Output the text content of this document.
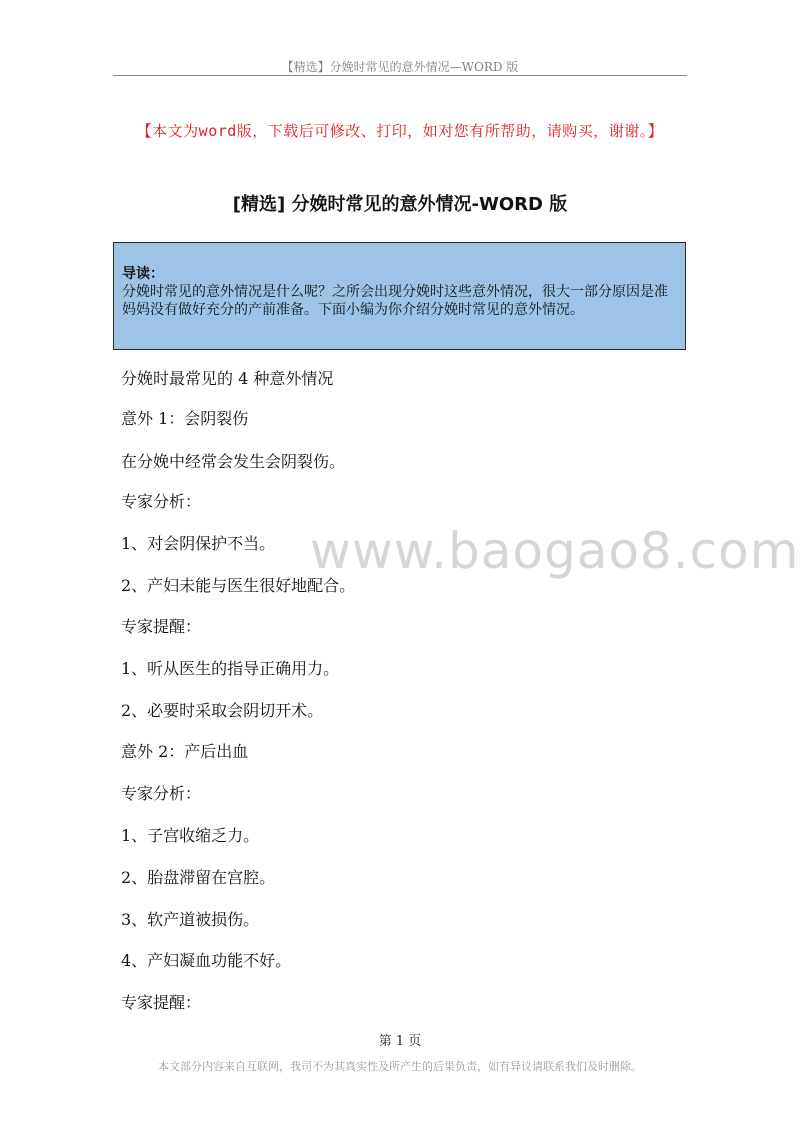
【精选】分娩时常见的意外情况—WORD 版
【本文为word版，下载后可修改、打印，如对您有所帮助，请购买，谢谢。】
[精选] 分娩时常见的意外情况-WORD 版
导读：
分娩时常见的意外情况是什么呢？之所会出现分娩时这些意外情况，很大一部分原因是准妈妈没有做好充分的产前准备。下面小编为你介绍分娩时常见的意外情况。
www.baogao8.com
分娩时最常见的 4 种意外情况
意外 1：会阴裂伤
在分娩中经常会发生会阴裂伤。
专家分析：
1、对会阴保护不当。
2、产妇未能与医生很好地配合。
专家提醒：
1、听从医生的指导正确用力。
2、必要时采取会阴切开术。
意外 2：产后出血
专家分析：
1、子宫收缩乏力。
2、胎盘滞留在宫腔。
3、软产道被损伤。
4、产妇凝血功能不好。
专家提醒：
第 1 页
本文部分内容来自互联网，我司不为其真实性及所产生的后果负责，如有异议请联系我们及时删除。
